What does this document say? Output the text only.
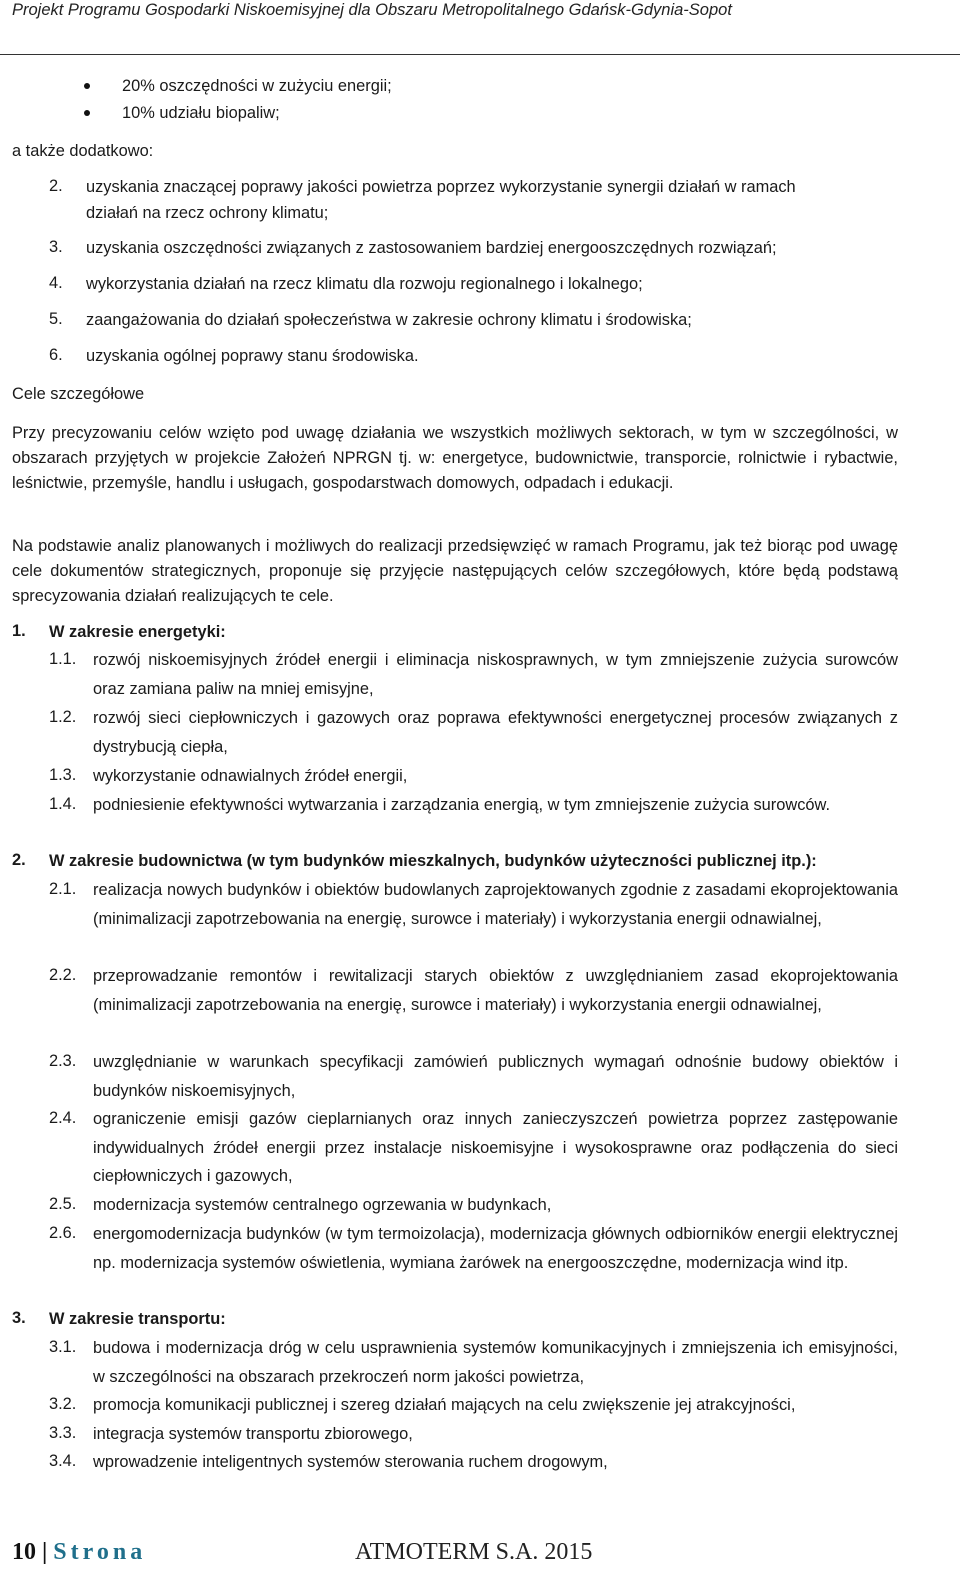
Projekt Programu Gospodarki Niskoemisyjnej dla Obszaru Metropolitalnego Gdańsk-Gdynia-Sopot
20% oszczędności w zużyciu energii;
10% udziału biopaliw;
a także dodatkowo:
2. uzyskania znaczącej poprawy jakości powietrza poprzez wykorzystanie synergii działań w ramach
działań na rzecz ochrony klimatu;
3. uzyskania oszczędności związanych z zastosowaniem bardziej energooszczędnych rozwiązań;
4. wykorzystania działań na rzecz klimatu dla rozwoju regionalnego i lokalnego;
5. zaangażowania do działań społeczeństwa w zakresie ochrony klimatu i środowiska;
6. uzyskania ogólnej poprawy stanu środowiska.
Cele szczegółowe
Przy precyzowaniu celów wzięto pod uwagę działania we wszystkich możliwych sektorach, w tym w szczególności, w obszarach przyjętych w projekcie Założeń NPRGN tj. w: energetyce, budownictwie, transporcie, rolnictwie i rybactwie, leśnictwie, przemyśle, handlu i usługach, gospodarstwach domowych, odpadach i edukacji.
Na podstawie analiz planowanych i możliwych do realizacji przedsięwzięć w ramach Programu, jak też biorąc pod uwagę cele dokumentów strategicznych, proponuje się przyjęcie następujących celów szczegółowych, które będą podstawą sprecyzowania działań realizujących te cele.
1. W zakresie energetyki:
1.1. rozwój niskoemisyjnych źródeł energii i eliminacja niskosprawnych, w tym zmniejszenie zużycia surowców oraz zamiana paliw na mniej emisyjne,
1.2. rozwój sieci ciepłowniczych i gazowych oraz poprawa efektywności energetycznej procesów związanych z dystrybucją ciepła,
1.3. wykorzystanie odnawialnych źródeł energii,
1.4. podniesienie efektywności wytwarzania i zarządzania energią, w tym zmniejszenie zużycia surowców.
2. W zakresie budownictwa (w tym budynków mieszkalnych, budynków użyteczności publicznej itp.):
2.1. realizacja nowych budynków i obiektów budowlanych zaprojektowanych zgodnie z zasadami ekoprojektowania (minimalizacji zapotrzebowania na energię, surowce i materiały) i wykorzystania energii odnawialnej,
2.2. przeprowadzanie remontów i rewitalizacji starych obiektów z uwzględnianiem zasad ekoprojektowania (minimalizacji zapotrzebowania na energię, surowce i materiały) i wykorzystania energii odnawialnej,
2.3. uwzględnianie w warunkach specyfikacji zamówień publicznych wymagań odnośnie budowy obiektów i budynków niskoemisyjnych,
2.4. ograniczenie emisji gazów cieplarnianych oraz innych zanieczyszczeń powietrza poprzez zastępowanie indywidualnych źródeł energii przez instalacje niskoemisyjne i wysokosprawne oraz podłączenia do sieci ciepłowniczych i gazowych,
2.5. modernizacja systemów centralnego ogrzewania w budynkach,
2.6. energomodernizacja budynków (w tym termoizolacja), modernizacja głównych odbiorników energii elektrycznej np. modernizacja systemów oświetlenia, wymiana żarówek na energooszczędne, modernizacja wind itp.
3. W zakresie transportu:
3.1. budowa i modernizacja dróg w celu usprawnienia systemów komunikacyjnych i zmniejszenia ich emisyjności, w szczególności na obszarach przekroczeń norm jakości powietrza,
3.2. promocja komunikacji publicznej i szereg działań mających na celu zwiększenie jej atrakcyjności,
3.3. integracja systemów transportu zbiorowego,
3.4. wprowadzenie inteligentnych systemów sterowania ruchem drogowym,
10 | Strona	ATMOTERM S.A. 2015
